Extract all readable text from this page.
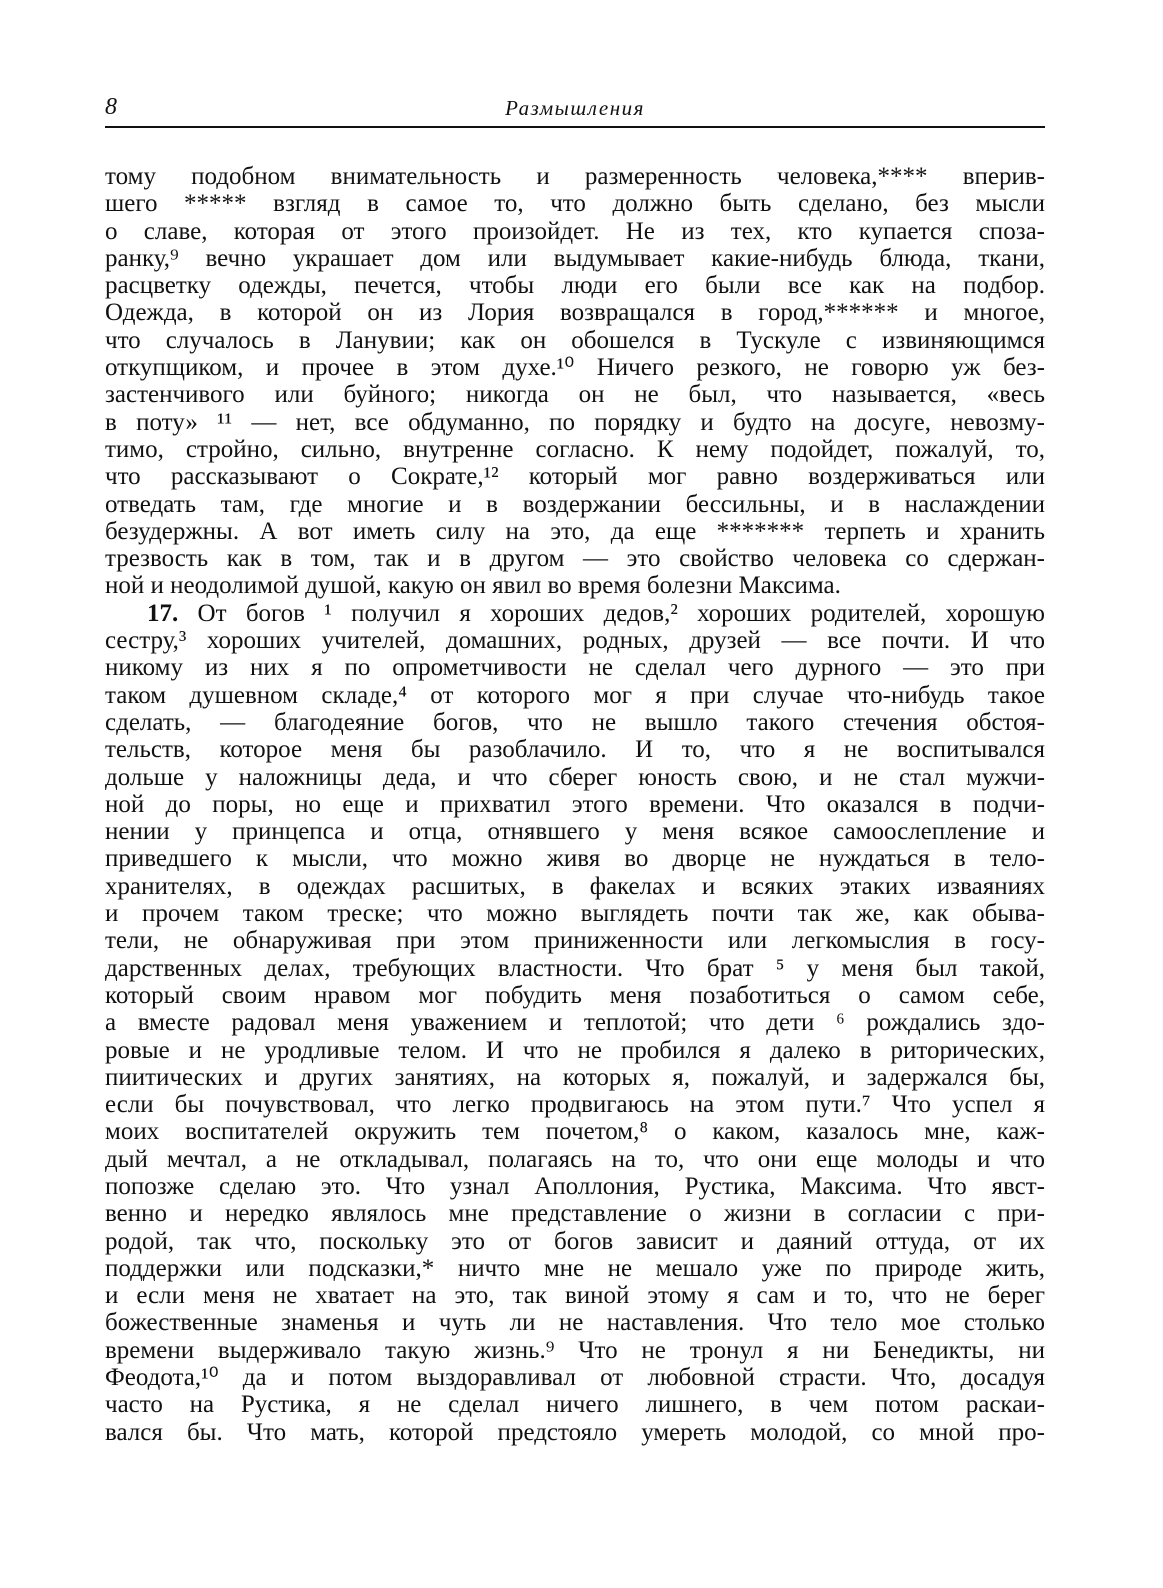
8	Размышления
тому подобном внимательность и размеренность человека,**** вперив-
шего ***** взгляд в самое то, что должно быть сделано, без мысли
о славе, которая от этого произойдет. Не из тех, кто купается споза-
ранку,⁹ вечно украшает дом или выдумывает какие-нибудь блюда, ткани,
расцветку одежды, печется, чтобы люди его были все как на подбор.
Одежда, в которой он из Лория возвращался в город,****** и многое,
что случалось в Ланувии; как он обошелся в Тускуле с извиняющимся
откупщиком, и прочее в этом духе.¹⁰ Ничего резкого, не говорю уж без-
застенчивого или буйного; никогда он не был, что называется, «весь
в поту» ¹¹ — нет, все обдуманно, по порядку и будто на досуге, невозму-
тимо, стройно, сильно, внутренне согласно. К нему подойдет, пожалуй, то,
что рассказывают о Сократе,¹² который мог равно воздерживаться или
отведать там, где многие и в воздержании бессильны, и в наслаждении
безудержны. А вот иметь силу на это, да еще ******* терпеть и хранить
трезвость как в том, так и в другом — это свойство человека со сдержан-
ной и неодолимой душой, какую он явил во время болезни Максима.
17. От богов ¹ получил я хороших дедов,² хороших родителей, хорошую
сестру,³ хороших учителей, домашних, родных, друзей — все почти. И что
никому из них я по опрометчивости не сделал чего дурного — это при
таком душевном складе,⁴ от которого мог я при случае что-нибудь такое
сделать, — благодеяние богов, что не вышло такого стечения обстоя-
тельств, которое меня бы разоблачило. И то, что я не воспитывался
дольше у наложницы деда, и что сберег юность свою, и не стал мужчи-
ной до поры, но еще и прихватил этого времени. Что оказался в подчи-
нении у принцепса и отца, отнявшего у меня всякое самоослепление и
приведшего к мысли, что можно живя во дворце не нуждаться в тело-
хранителях, в одеждах расшитых, в факелах и всяких этаких изваяниях
и прочем таком треске; что можно выглядеть почти так же, как обыва-
тели, не обнаруживая при этом приниженности или легкомыслия в госу-
дарственных делах, требующих властности. Что брат ⁵ у меня был такой,
который своим нравом мог побудить меня позаботиться о самом себе,
а вместе радовал меня уважением и теплотой; что дети ⁶ рождались здо-
ровые и не уродливые телом. И что не пробился я далеко в риторических,
пиитических и других занятиях, на которых я, пожалуй, и задержался бы,
если бы почувствовал, что легко продвигаюсь на этом пути.⁷ Что успел я
моих воспитателей окружить тем почетом,⁸ о каком, казалось мне, каж-
дый мечтал, а не откладывал, полагаясь на то, что они еще молоды и что
попозже сделаю это. Что узнал Аполлония, Рустика, Максима. Что явст-
венно и нередко являлось мне представление о жизни в согласии с при-
родой, так что, поскольку это от богов зависит и даяний оттуда, от их
поддержки или подсказки,* ничто мне не мешало уже по природе жить,
и если меня не хватает на это, так виной этому я сам и то, что не берег
божественные знаменья и чуть ли не наставления. Что тело мое столько
времени выдерживало такую жизнь.⁹ Что не тронул я ни Бенедикты, ни
Феодота,¹⁰ да и потом выздоравливал от любовной страсти. Что, досадуя
часто на Рустика, я не сделал ничего лишнего, в чем потом раскаи-
вался бы. Что мать, которой предстояло умереть молодой, со мной про-
